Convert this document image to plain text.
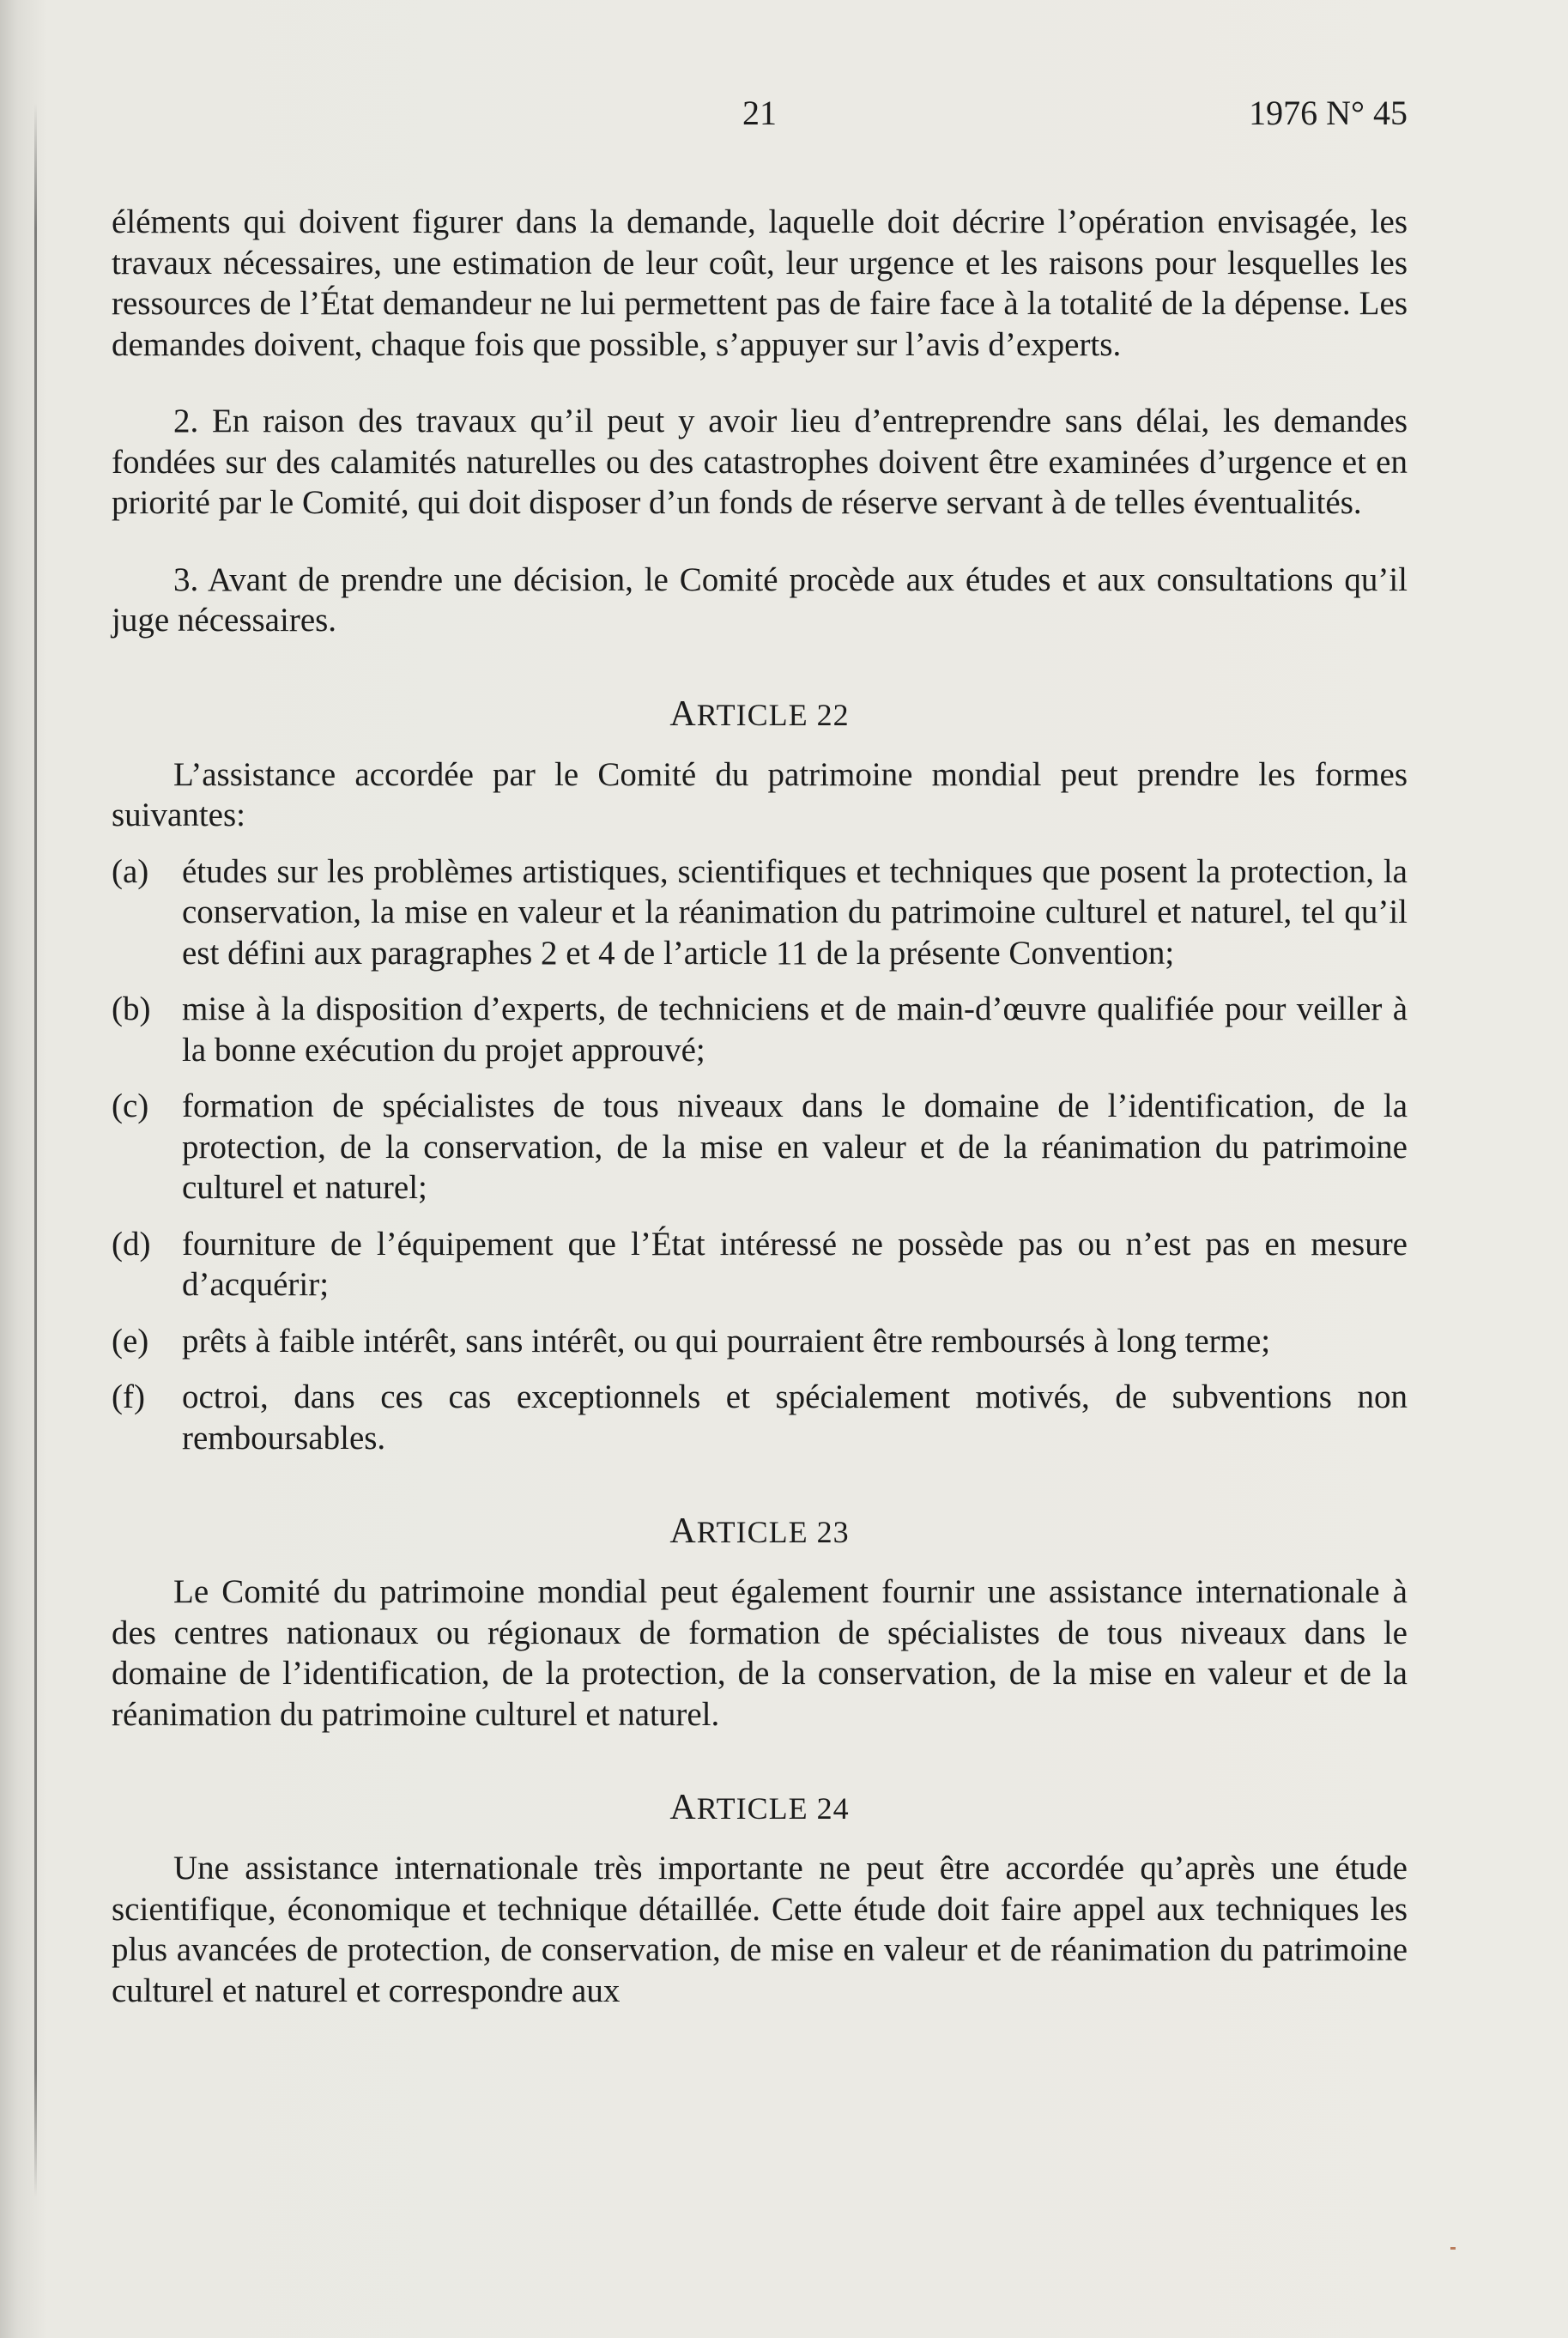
21	1976 N° 45

éléments qui doivent figurer dans la demande, laquelle doit décrire l’opération envisagée, les travaux nécessaires, une estimation de leur coût, leur urgence et les raisons pour lesquelles les ressources de l’État demandeur ne lui permettent pas de faire face à la totalité de la dépense. Les demandes doivent, chaque fois que possible, s’appuyer sur l’avis d’experts.

2. En raison des travaux qu’il peut y avoir lieu d’entreprendre sans délai, les demandes fondées sur des calamités naturelles ou des catastrophes doivent être examinées d’urgence et en priorité par le Comité, qui doit disposer d’un fonds de réserve servant à de telles éventualités.

3. Avant de prendre une décision, le Comité procède aux études et aux consultations qu’il juge nécessaires.

ARTICLE 22

L’assistance accordée par le Comité du patrimoine mondial peut prendre les formes suivantes:

(a) études sur les problèmes artistiques, scientifiques et techniques que posent la protection, la conservation, la mise en valeur et la réanimation du patrimoine culturel et naturel, tel qu’il est défini aux paragraphes 2 et 4 de l’article 11 de la présente Convention;
(b) mise à la disposition d’experts, de techniciens et de main-d’œuvre qualifiée pour veiller à la bonne exécution du projet approuvé;
(c) formation de spécialistes de tous niveaux dans le domaine de l’identification, de la protection, de la conservation, de la mise en valeur et de la réanimation du patrimoine culturel et naturel;
(d) fourniture de l’équipement que l’État intéressé ne possède pas ou n’est pas en mesure d’acquérir;
(e) prêts à faible intérêt, sans intérêt, ou qui pourraient être remboursés à long terme;
(f)	octroi, dans ces cas exceptionnels et spécialement motivés, de subventions non remboursables.
ARTICLE 23

Le Comité du patrimoine mondial peut également fournir une assistance internationale à des centres nationaux ou régionaux de formation de spécialistes de tous niveaux dans le domaine de l’identification, de la protection, de la conservation, de la mise en valeur et de la réanimation du patrimoine culturel et naturel.

ARTICLE 24

Une assistance internationale très importante ne peut être accordée qu’après une étude scientifique, économique et technique détaillée. Cette étude doit faire appel aux techniques les plus avancées de protection, de conservation, de mise en valeur et de réanimation du patrimoine culturel et naturel et correspondre aux
